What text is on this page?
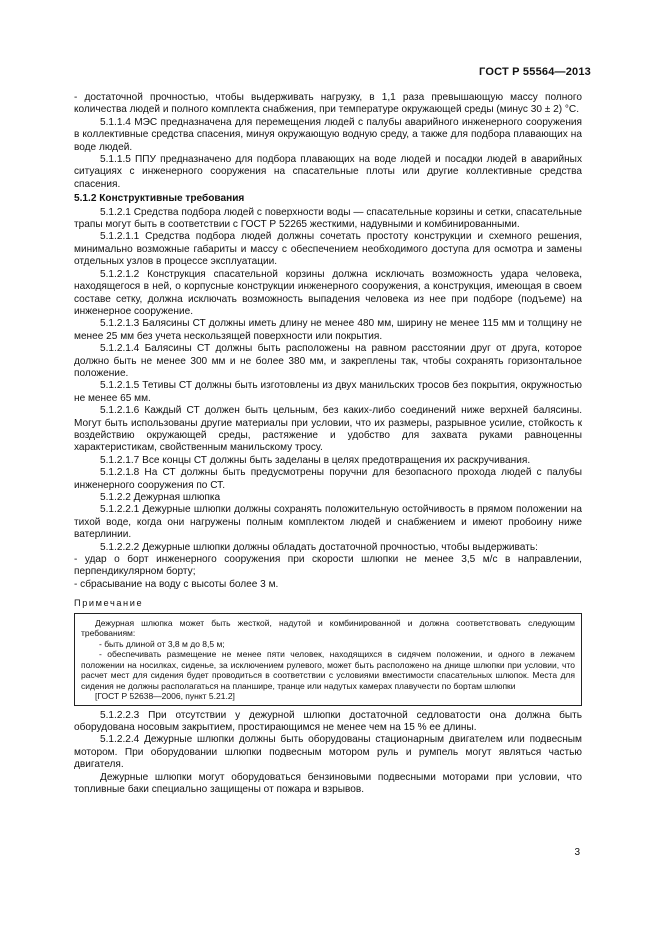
ГОСТ Р 55564—2013

- достаточной прочностью, чтобы выдерживать нагрузку, в 1,1 раза превышающую массу полного количества людей и полного комплекта снабжения, при температуре окружающей среды (минус 30 ± 2) °С.

5.1.1.4 МЭС предназначена для перемещения людей с палубы аварийного инженерного сооружения в коллективные средства спасения, минуя окружающую водную среду, а также для подбора плавающих на воде людей.

5.1.1.5 ППУ предназначено для подбора плавающих на воде людей и посадки людей в аварийных ситуациях с инженерного сооружения на спасательные плоты или другие коллективные средства спасения.

5.1.2 Конструктивные требования

5.1.2.1 Средства подбора людей с поверхности воды — спасательные корзины и сетки, спасательные трапы могут быть в соответствии с ГОСТ Р 52265 жесткими, надувными и комбинированными.

5.1.2.1.1 Средства подбора людей должны сочетать простоту конструкции и схемного решения, минимально возможные габариты и массу с обеспечением необходимого доступа для осмотра и замены отдельных узлов в процессе эксплуатации.

5.1.2.1.2 Конструкция спасательной корзины должна исключать возможность удара человека, находящегося в ней, о корпусные конструкции инженерного сооружения, а конструкция, имеющая в своем составе сетку, должна исключать возможность выпадения человека из нее при подборе (подъеме) на инженерное сооружение.

5.1.2.1.3 Балясины СТ должны иметь длину не менее 480 мм, ширину не менее 115 мм и толщину не менее 25 мм без учета нескользящей поверхности или покрытия.

5.1.2.1.4 Балясины СТ должны быть расположены на равном расстоянии друг от друга, которое должно быть не менее 300 мм и не более 380 мм, и закреплены так, чтобы сохранять горизонтальное положение.

5.1.2.1.5 Тетивы СТ должны быть изготовлены из двух манильских тросов без покрытия, окружностью не менее 65 мм.

5.1.2.1.6 Каждый СТ должен быть цельным, без каких-либо соединений ниже верхней балясины. Могут быть использованы другие материалы при условии, что их размеры, разрывное усилие, стойкость к воздействию окружающей среды, растяжение и удобство для захвата руками равноценны характеристикам, свойственным манильскому тросу.

5.1.2.1.7 Все концы СТ должны быть заделаны в целях предотвращения их раскручивания.

5.1.2.1.8 На СТ должны быть предусмотрены поручни для безопасного прохода людей с палубы инженерного сооружения по СТ.

5.1.2.2 Дежурная шлюпка

5.1.2.2.1 Дежурные шлюпки должны сохранять положительную остойчивость в прямом положении на тихой воде, когда они нагружены полным комплектом людей и снабжением и имеют пробоину ниже ватерлинии.

5.1.2.2.2 Дежурные шлюпки должны обладать достаточной прочностью, чтобы выдерживать:

- удар о борт инженерного сооружения при скорости шлюпки не менее 3,5 м/с в направлении, перпендикулярном борту;

- сбрасывание на воду с высоты более 3 м.

Примечание

Дежурная шлюпка может быть жесткой, надутой и комбинированной и должна соответствовать следующим требованиям:

- быть длиной от 3,8 м до 8,5 м;

- обеспечивать размещение не менее пяти человек, находящихся в сидячем положении, и одного в лежачем положении на носилках, сиденье, за исключением рулевого, может быть расположено на днище шлюпки при условии, что расчет мест для сидения будет проводиться в соответствии с условиями вместимости спасательных шлюпок. Места для сидения не должны располагаться на планшире, транце или надутых камерах плавучести по бортам шлюпки

[ГОСТ Р 52638—2006, пункт 5.21.2]

5.1.2.2.3 При отсутствии у дежурной шлюпки достаточной седловатости она должна быть оборудована носовым закрытием, простирающимся не менее чем на 15 % ее длины.

5.1.2.2.4 Дежурные шлюпки должны быть оборудованы стационарным двигателем или подвесным мотором. При оборудовании шлюпки подвесным мотором руль и румпель могут являться частью двигателя.

Дежурные шлюпки могут оборудоваться бензиновыми подвесными моторами при условии, что топливные баки специально защищены от пожара и взрывов.

3
